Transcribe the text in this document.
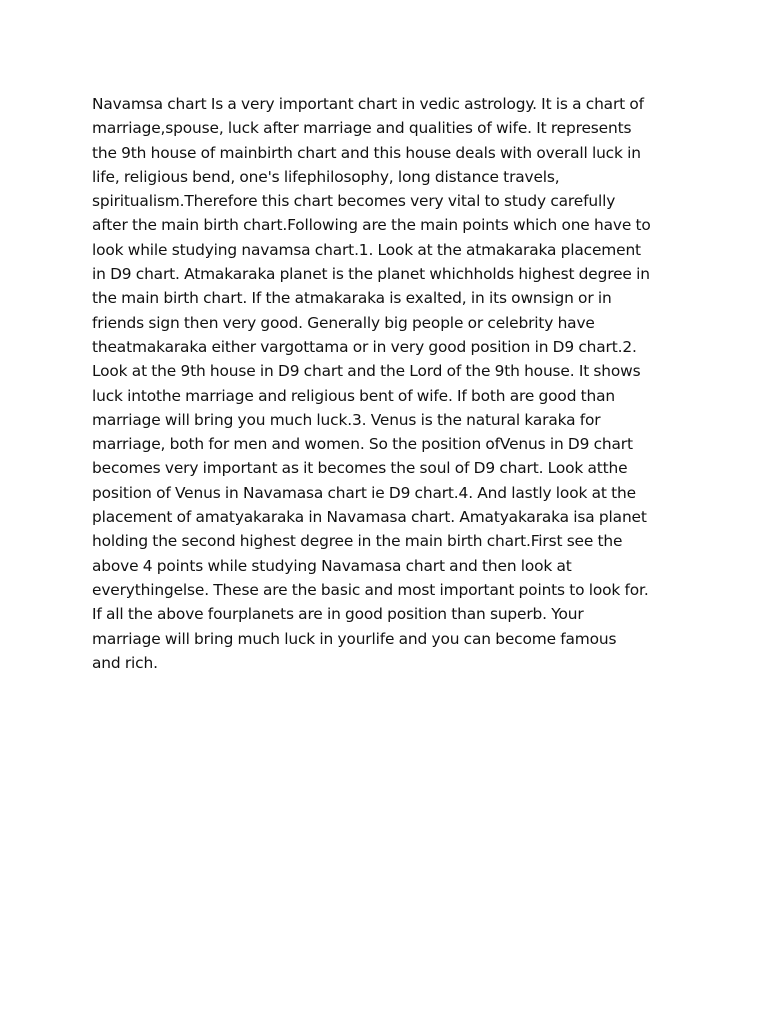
Navamsa chart Is a very important chart in vedic astrology. It is a chart of
marriage,spouse, luck after marriage and qualities of wife. It represents
the 9th house of mainbirth chart and this house deals with overall luck in
life, religious bend, one's lifephilosophy, long distance travels,
spiritualism.Therefore this chart becomes very vital to study carefully
after the main birth chart.Following are the main points which one have to
look while studying navamsa chart.1. Look at the atmakaraka placement
in D9 chart. Atmakaraka planet is the planet whichholds highest degree in
the main birth chart. If the atmakaraka is exalted, in its ownsign or in
friends sign then very good. Generally big people or celebrity have
theatmakaraka either vargottama or in very good position in D9 chart.2.
Look at the 9th house in D9 chart and the Lord of the 9th house. It shows
luck intothe marriage and religious bent of wife. If both are good than
marriage will bring you much luck.3. Venus is the natural karaka for
marriage, both for men and women. So the position ofVenus in D9 chart
becomes very important as it becomes the soul of D9 chart. Look atthe
position of Venus in Navamasa chart ie D9 chart.4. And lastly look at the
placement of amatyakaraka in Navamasa chart. Amatyakaraka isa planet
holding the second highest degree in the main birth chart.First see the
above 4 points while studying Navamasa chart and then look at
everythingelse. These are the basic and most important points to look for.
If all the above fourplanets are in good position than superb. Your
marriage will bring much luck in yourlife and you can become famous
and rich.
